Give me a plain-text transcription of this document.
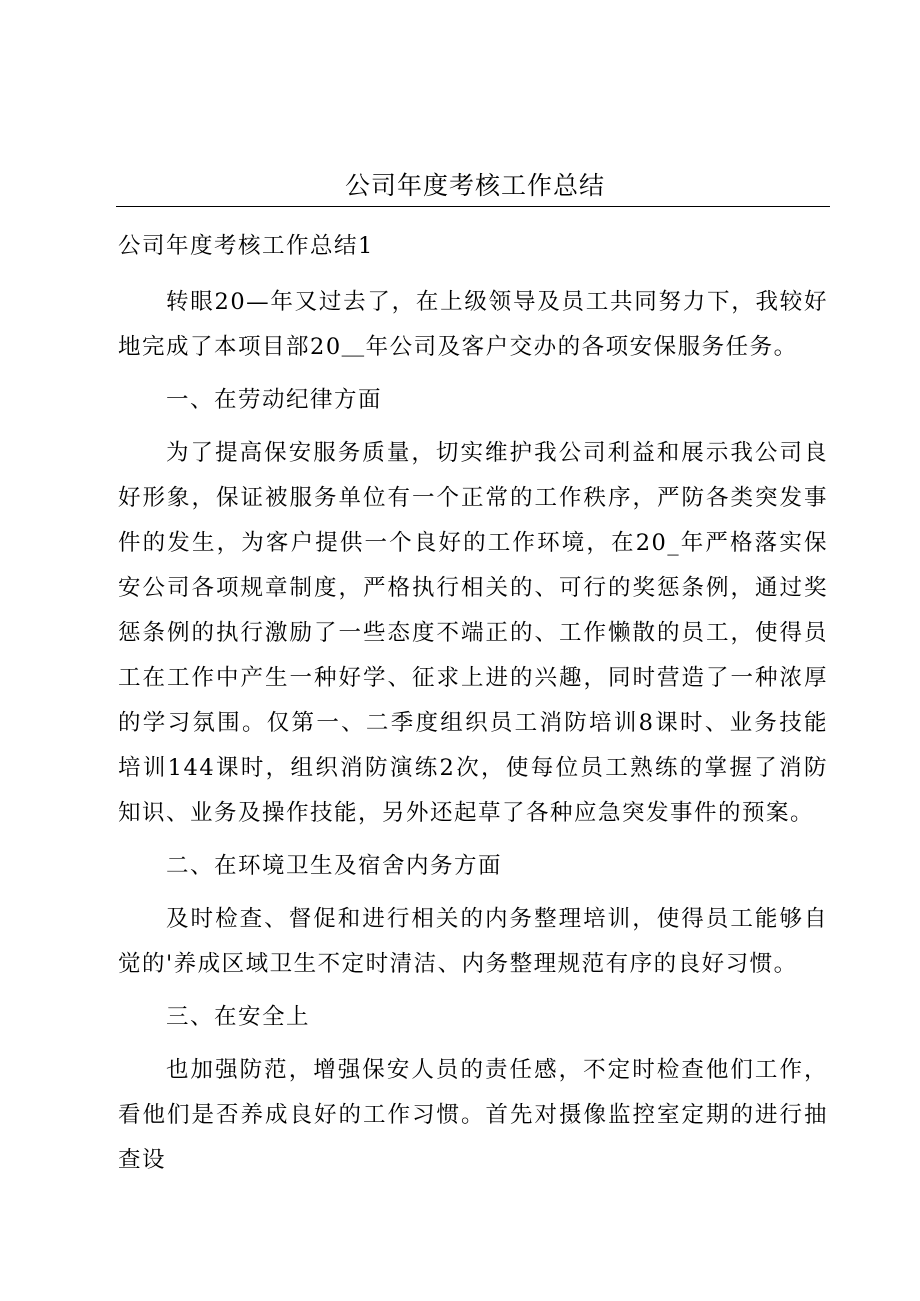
公司年度考核工作总结

公司年度考核工作总结1

转眼20—年又过去了，在上级领导及员工共同努力下，我较好地完成了本项目部20＿年公司及客户交办的各项安保服务任务。

一、在劳动纪律方面

为了提高保安服务质量，切实维护我公司利益和展示我公司良好形象，保证被服务单位有一个正常的工作秩序，严防各类突发事件的发生，为客户提供一个良好的工作环境，在20_年严格落实保安公司各项规章制度，严格执行相关的、可行的奖惩条例，通过奖惩条例的执行激励了一些态度不端正的、工作懒散的员工，使得员工在工作中产生一种好学、征求上进的兴趣，同时营造了一种浓厚的学习氛围。仅第一、二季度组织员工消防培训8课时、业务技能培训144课时，组织消防演练2次，使每位员工熟练的掌握了消防知识、业务及操作技能，另外还起草了各种应急突发事件的预案。

二、在环境卫生及宿舍内务方面

及时检查、督促和进行相关的内务整理培训，使得员工能够自觉的'养成区域卫生不定时清洁、内务整理规范有序的良好习惯。

三、在安全上

也加强防范，增强保安人员的责任感，不定时检查他们工作，看他们是否养成良好的工作习惯。首先对摄像监控室定期的进行抽查设
